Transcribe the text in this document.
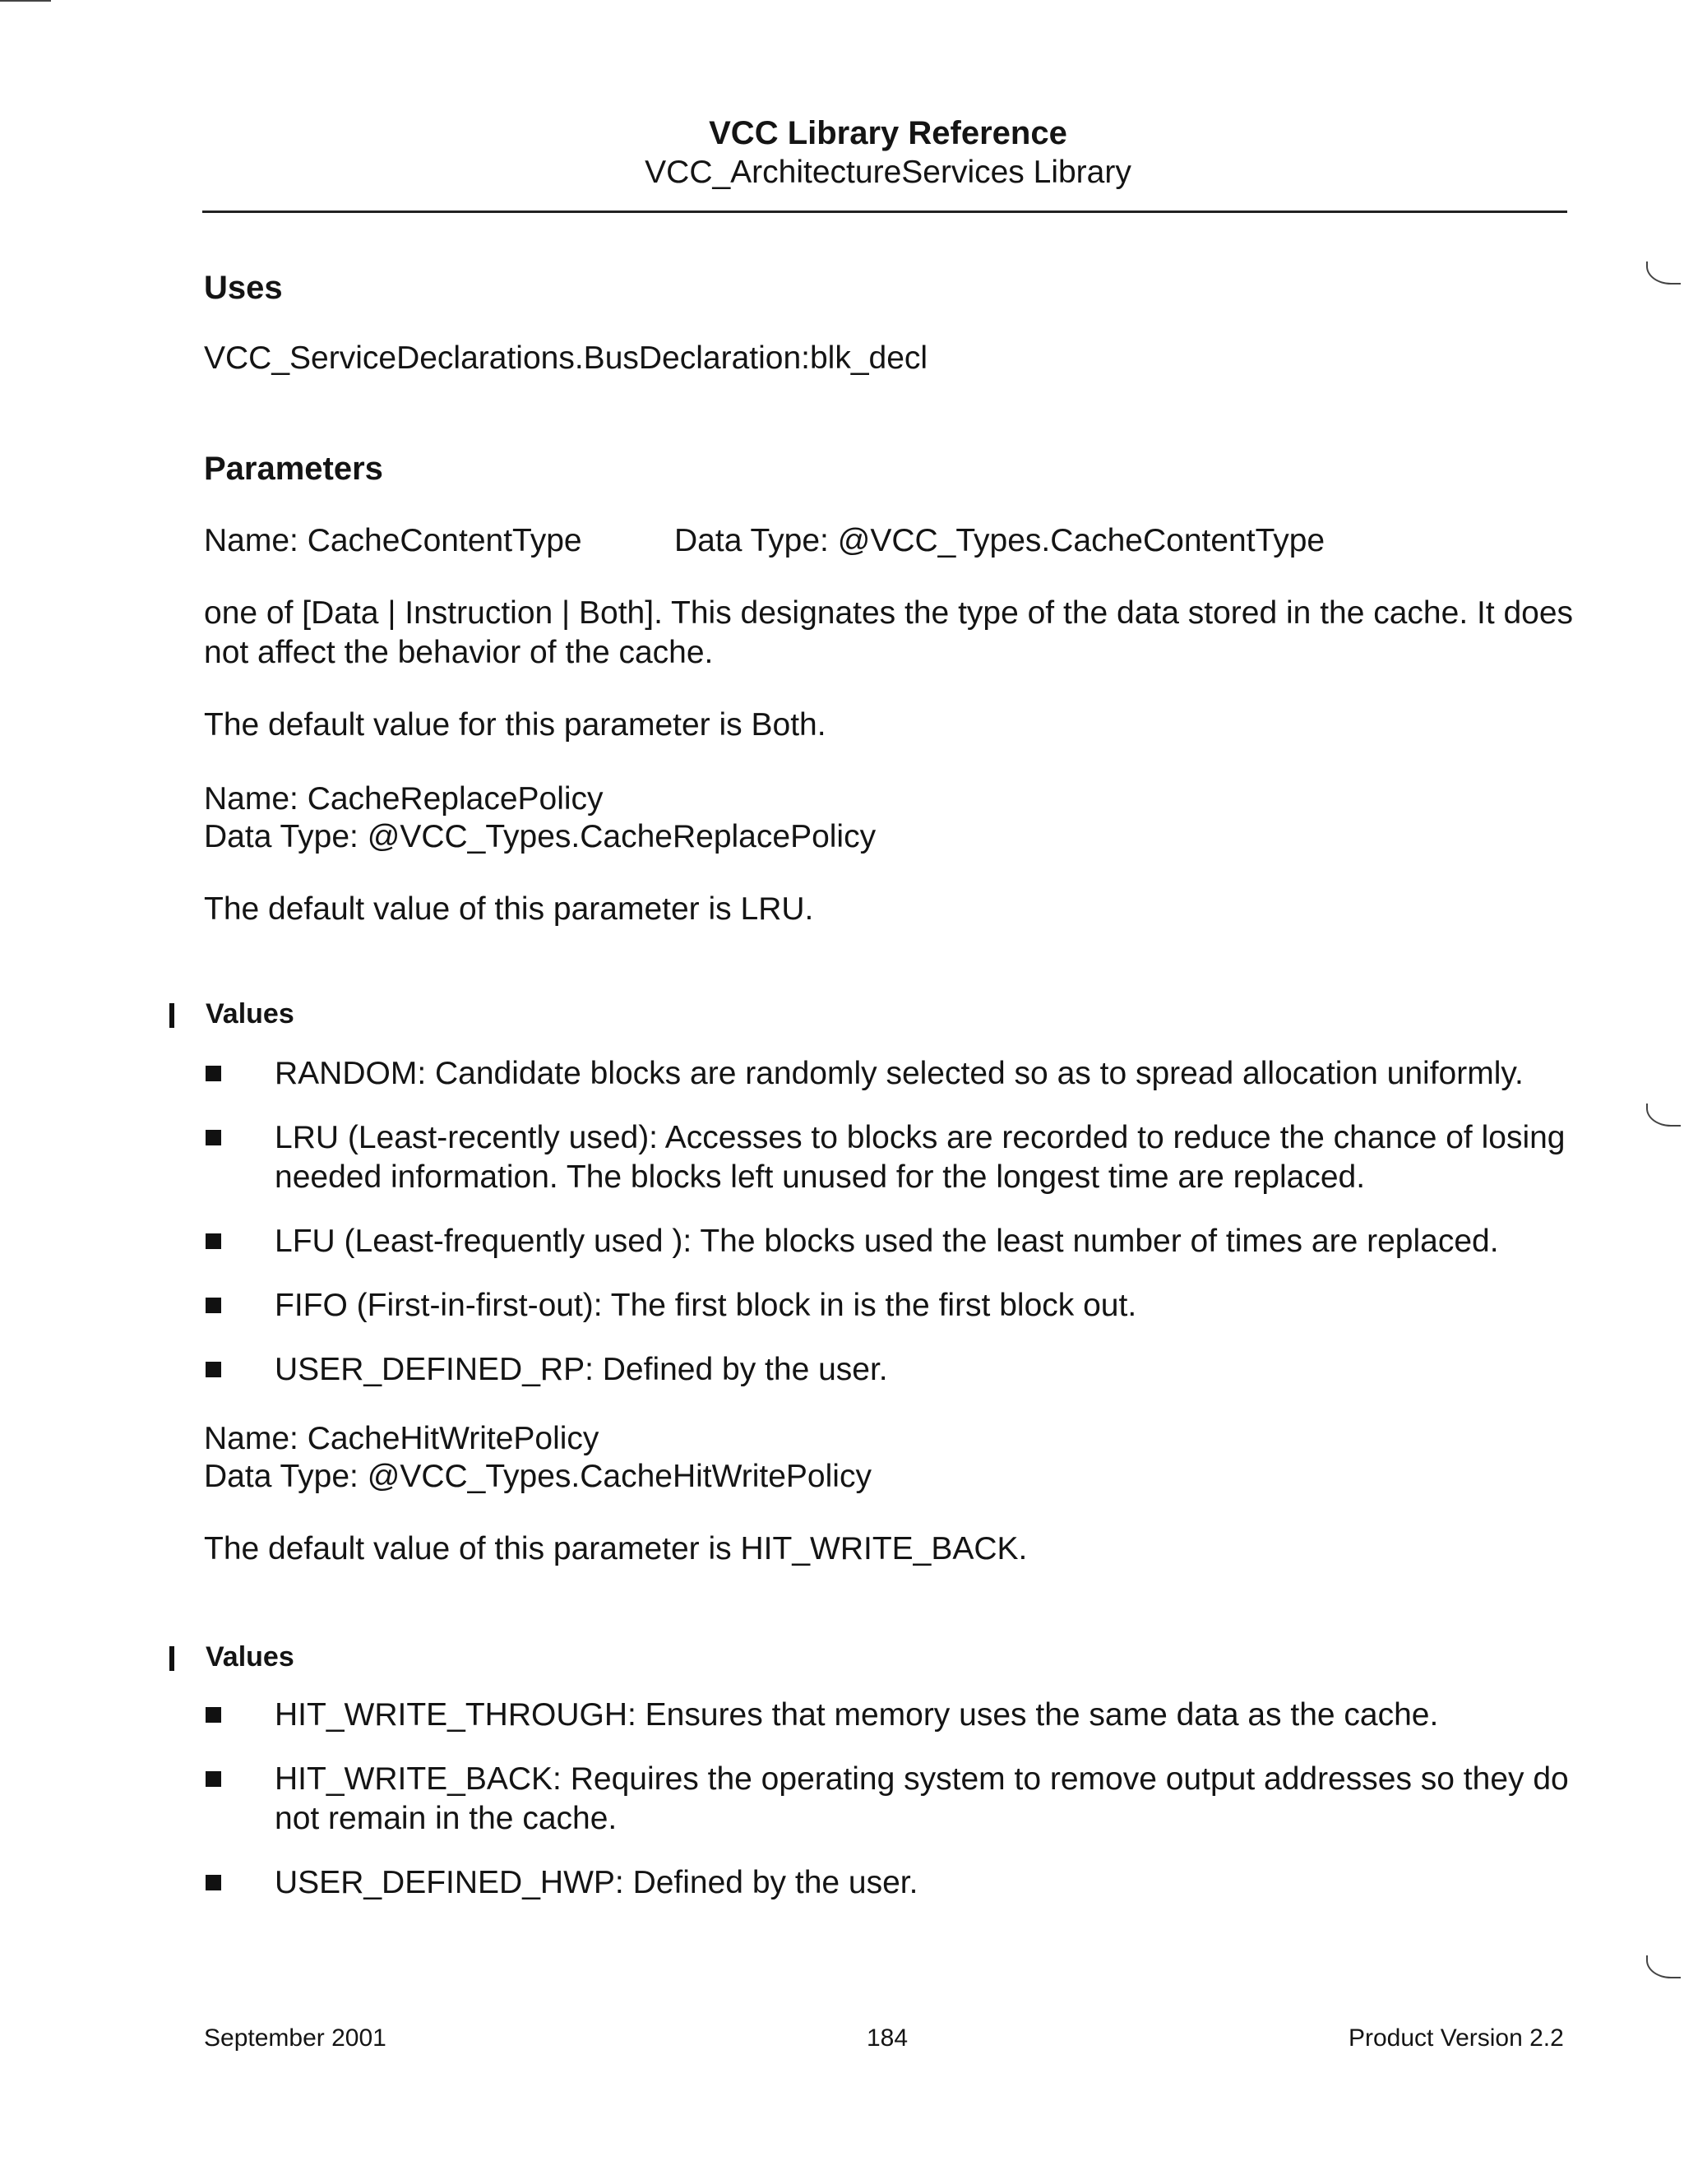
VCC Library Reference
VCC_ArchitectureServices Library
Uses
VCC_ServiceDeclarations.BusDeclaration:blk_decl
Parameters
Name: CacheContentType	Data Type: @VCC_Types.CacheContentType
one of [Data | Instruction | Both]. This designates the type of the data stored in the cache. It does not affect the behavior of the cache.
The default value for this parameter is Both.
Name: CacheReplacePolicy
Data Type: @VCC_Types.CacheReplacePolicy
The default value of this parameter is LRU.
Values
RANDOM: Candidate blocks are randomly selected so as to spread allocation uniformly.
LRU (Least-recently used): Accesses to blocks are recorded to reduce the chance of losing needed information. The blocks left unused for the longest time are replaced.
LFU (Least-frequently used ): The blocks used the least number of times are replaced.
FIFO (First-in-first-out): The first block in is the first block out.
USER_DEFINED_RP: Defined by the user.
Name: CacheHitWritePolicy
Data Type: @VCC_Types.CacheHitWritePolicy
The default value of this parameter is HIT_WRITE_BACK.
Values
HIT_WRITE_THROUGH: Ensures that memory uses the same data as the cache.
HIT_WRITE_BACK: Requires the operating system to remove output addresses so they do not remain in the cache.
USER_DEFINED_HWP: Defined by the user.
September 2001	184	Product Version 2.2
